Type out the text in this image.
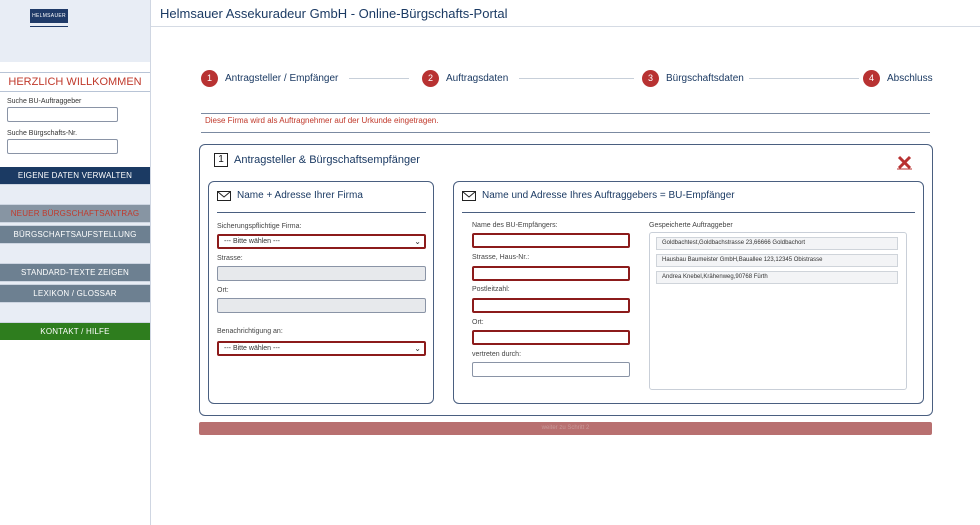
HELMSAUER
HERZLICH WILLKOMMEN
Suche BU-Auftraggeber
Suche Bürgschafts-Nr.
EIGENE DATEN VERWALTEN
NEUER BÜRGSCHAFTSANTRAG
BÜRGSCHAFTSAUFSTELLUNG
STANDARD-TEXTE ZEIGEN
LEXIKON / GLOSSAR
KONTAKT / HILFE
Helmsauer Assekuradeur GmbH - Online-Bürgschafts-Portal
1	Antragsteller / Empfänger	2	Auftragsdaten	3	Bürgschaftsdaten	4	Abschluss
Diese Firma wird als Auftragnehmer auf der Urkunde eingetragen.
1 Antragsteller & Bürgschaftsempfänger
Name + Adresse Ihrer Firma
Sicherungspflichtige Firma:
--- Bitte wählen ---	⌄
Strasse:
Ort:
Benachrichtigung an:
--- Bitte wählen ---	⌄
Name und Adresse Ihres Auftraggebers = BU-Empfänger
Name des BU-Empfängers:
Strasse, Haus-Nr.:
Postleitzahl:
Ort:
vertreten durch:
Gespeicherte Auftraggeber
Goldbachtest,Goldbachstrasse 23,66666 Goldbachort
Hausbau Baumeister GmbH,Bauallee 123,12345 Obistrasse
Andrea Knebel,Krähenweg,90768 Fürth
weiter zu Schritt 2
